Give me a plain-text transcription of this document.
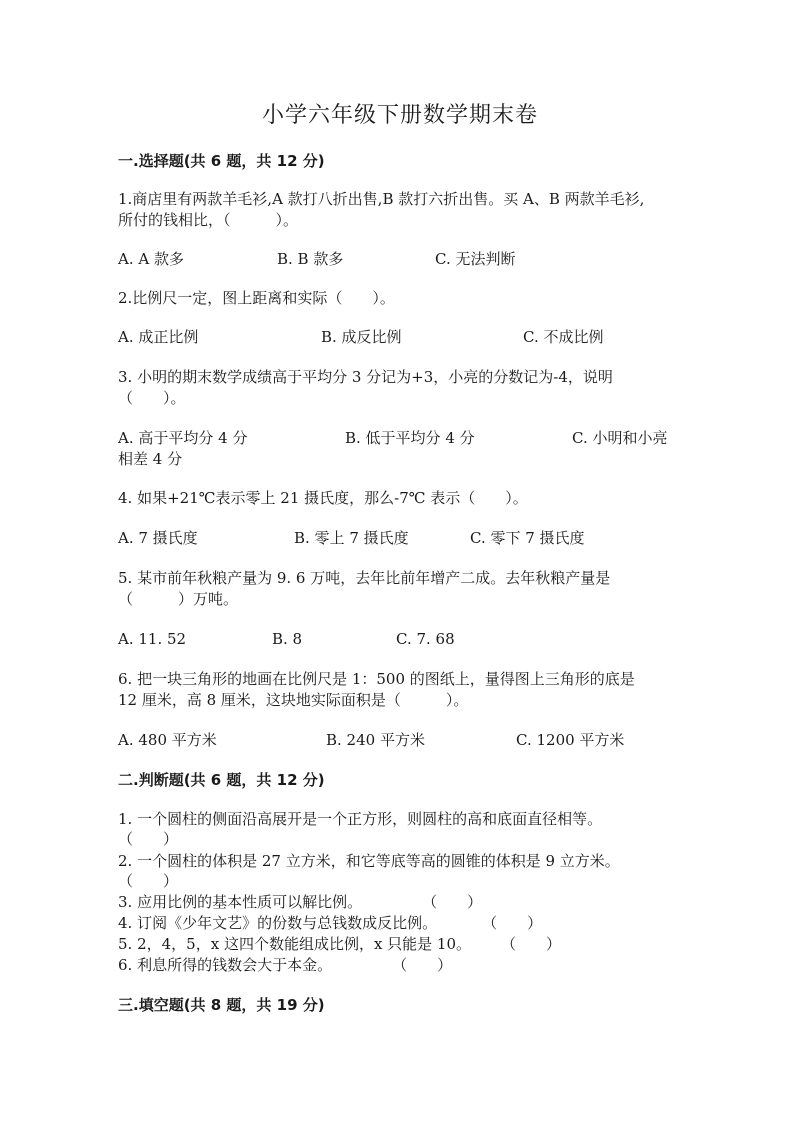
小学六年级下册数学期末卷
一.选择题(共 6 题，共 12 分)
1.商店里有两款羊毛衫,A 款打八折出售,B 款打六折出售。买 A、B 两款羊毛衫,
所付的钱相比，（　　　）。
A. A 款多	B. B 款多	C. 无法判断
2.比例尺一定，图上距离和实际（　　）。
A. 成正比例	B. 成反比例	C. 不成比例
3. 小明的期末数学成绩高于平均分 3 分记为+3，小亮的分数记为-4，说明
（　　）。
A. 高于平均分 4 分	B. 低于平均分 4 分	C. 小明和小亮
相差 4 分
4. 如果+21℃表示零上 21 摄氏度，那么-7℃ 表示（　　）。
A. 7 摄氏度	B. 零上 7 摄氏度	C. 零下 7 摄氏度
5. 某市前年秋粮产量为 9. 6 万吨，去年比前年增产二成。去年秋粮产量是
（　　　）万吨。
A. 11. 52	B. 8	C. 7. 68
6. 把一块三角形的地画在比例尺是 1：500 的图纸上，量得图上三角形的底是
12 厘米，高 8 厘米，这块地实际面积是（　　　）。
A. 480 平方米	B. 240 平方米	C. 1200 平方米
二.判断题(共 6 题，共 12 分)
1. 一个圆柱的侧面沿高展开是一个正方形，则圆柱的高和底面直径相等。
（　　）
2. 一个圆柱的体积是 27 立方米，和它等底等高的圆锥的体积是 9 立方米。
（　　）
3. 应用比例的基本性质可以解比例。　　　　　（　　）
4. 订阅《少年文艺》的份数与总钱数成反比例。　　　　（　　）
5. 2，4，5，x 这四个数能组成比例，x 只能是 10。　　　（　　）
6. 利息所得的钱数会大于本金。　　　　　（　　）
三.填空题(共 8 题，共 19 分)
